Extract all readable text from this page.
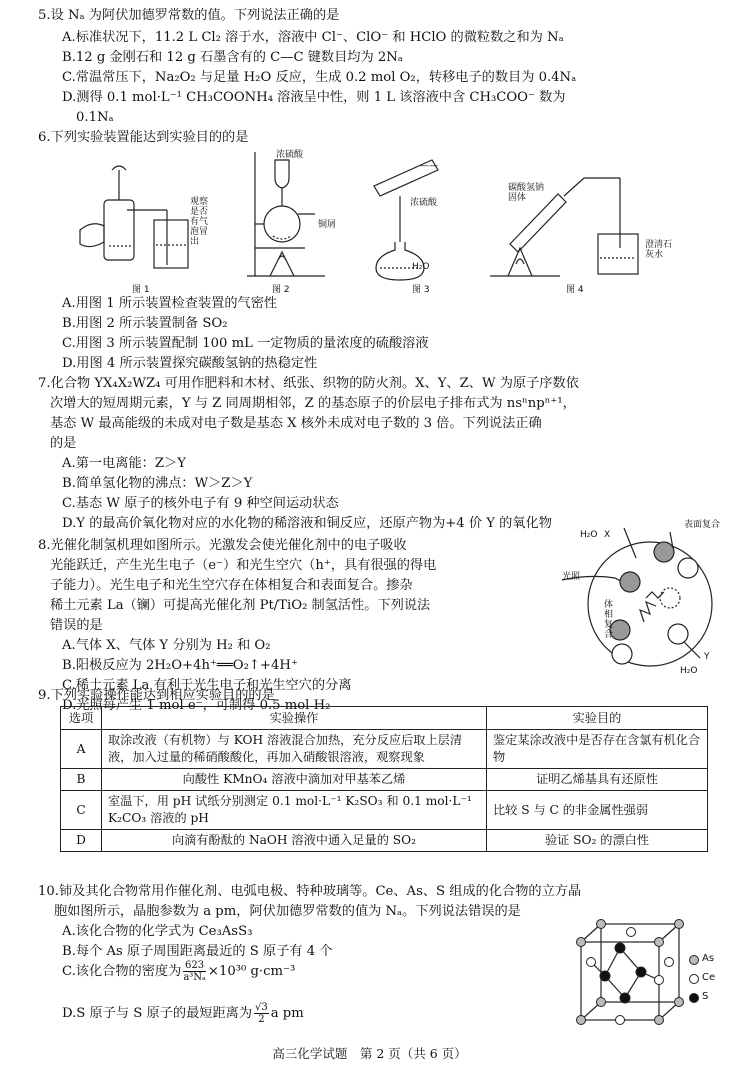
5.设 Nₐ 为阿伏加德罗常数的值。下列说法正确的是
A.标准状况下，11.2 L Cl₂ 溶于水，溶液中 Cl⁻、ClO⁻ 和 HClO 的微粒数之和为 Nₐ
B.12 g 金刚石和 12 g 石墨含有的 C—C 键数目均为 2Nₐ
C.常温常压下，Na₂O₂ 与足量 H₂O 反应，生成 0.2 mol O₂，转移电子的数目为 0.4Nₐ
D.测得 0.1 mol·L⁻¹ CH₃COONH₄ 溶液呈中性，则 1 L 该溶液中含 CH₃COO⁻ 数为
0.1Nₐ
6.下列实验装置能达到实验目的的是
观察是否有气泡冒出
图 1
浓硫酸
铜屑
图 2
——
浓硫酸
H₂O
图 3
碳酸氢钠固体
澄清石灰水
图 4
A.用图 1 所示装置检查装置的气密性
B.用图 2 所示装置制备 SO₂
C.用图 3 所示装置配制 100 mL 一定物质的量浓度的硫酸溶液
D.用图 4 所示装置探究碳酸氢钠的热稳定性
7.化合物 YX₄X₂WZ₄ 可用作肥料和木材、纸张、织物的防火剂。X、Y、Z、W 为原子序数依
次增大的短周期元素，Y 与 Z 同周期相邻，Z 的基态原子的价层电子排布式为 nsⁿnpⁿ⁺¹，
基态 W 最高能级的未成对电子数是基态 X 核外未成对电子数的 3 倍。下列说法正确
的是
A.第一电离能：Z＞Y
B.简单氢化物的沸点：W＞Z＞Y
C.基态 W 原子的核外电子有 9 种空间运动状态
D.Y 的最高价氧化物对应的水化物的稀溶液和铜反应，还原产物为+4 价 Y 的氧化物
8.光催化制氢机理如图所示。光激发会使光催化剂中的电子吸收
光能跃迁，产生光生电子（e⁻）和光生空穴（h⁺，具有很强的得电
子能力）。光生电子和光生空穴存在体相复合和表面复合。掺杂
稀土元素 La（镧）可提高光催化剂 Pt/TiO₂ 制氢活性。下列说法
错误的是
A.气体 X、气体 Y 分别为 H₂ 和 O₂
B.阳极反应为 2H₂O+4h⁺══O₂↑+4H⁺
C.稀土元素 La 有利于光生电子和光生空穴的分离
D.光照每产生 1 mol e⁻，可制得 0.5 mol H₂
表面复合
H₂O X
光照
体相复合
Y
H₂O
9.下列实验操作能达到相应实验目的的是
选项	实验操作	实验目的
A	取涂改液（有机物）与 KOH 溶液混合加热，充分反应后取上层清液，加入过量的稀硝酸酸化，再加入硝酸银溶液，观察现象	鉴定某涂改液中是否存在含氯有机化合物
B	向酸性 KMnO₄ 溶液中滴加对甲基苯乙烯	证明乙烯基具有还原性
C	室温下，用 pH 试纸分别测定 0.1 mol·L⁻¹ K₂SO₃ 和 0.1 mol·L⁻¹ K₂CO₃ 溶液的 pH	比较 S 与 C 的非金属性强弱
D	向滴有酚酞的 NaOH 溶液中通入足量的 SO₂	验证 SO₂ 的漂白性
10.铈及其化合物常用作催化剂、电弧电极、特种玻璃等。Ce、As、S 组成的化合物的立方晶
胞如图所示，晶胞参数为 a pm，阿伏加德罗常数的值为 Nₐ。下列说法错误的是
A.该化合物的化学式为 Ce₃AsS₃
B.每个 As 原子周围距离最近的 S 原子有 4 个
C.该化合物的密度为 $\frac{623}{\text{a³Nₐ}} \times 10^{30}$ g·cm⁻³
D.S 原子与 S 原子的最短距离为 $\frac{√3}{2}$ a pm
As
Ce
S
高三化学试题　第 2 页（共 6 页）
